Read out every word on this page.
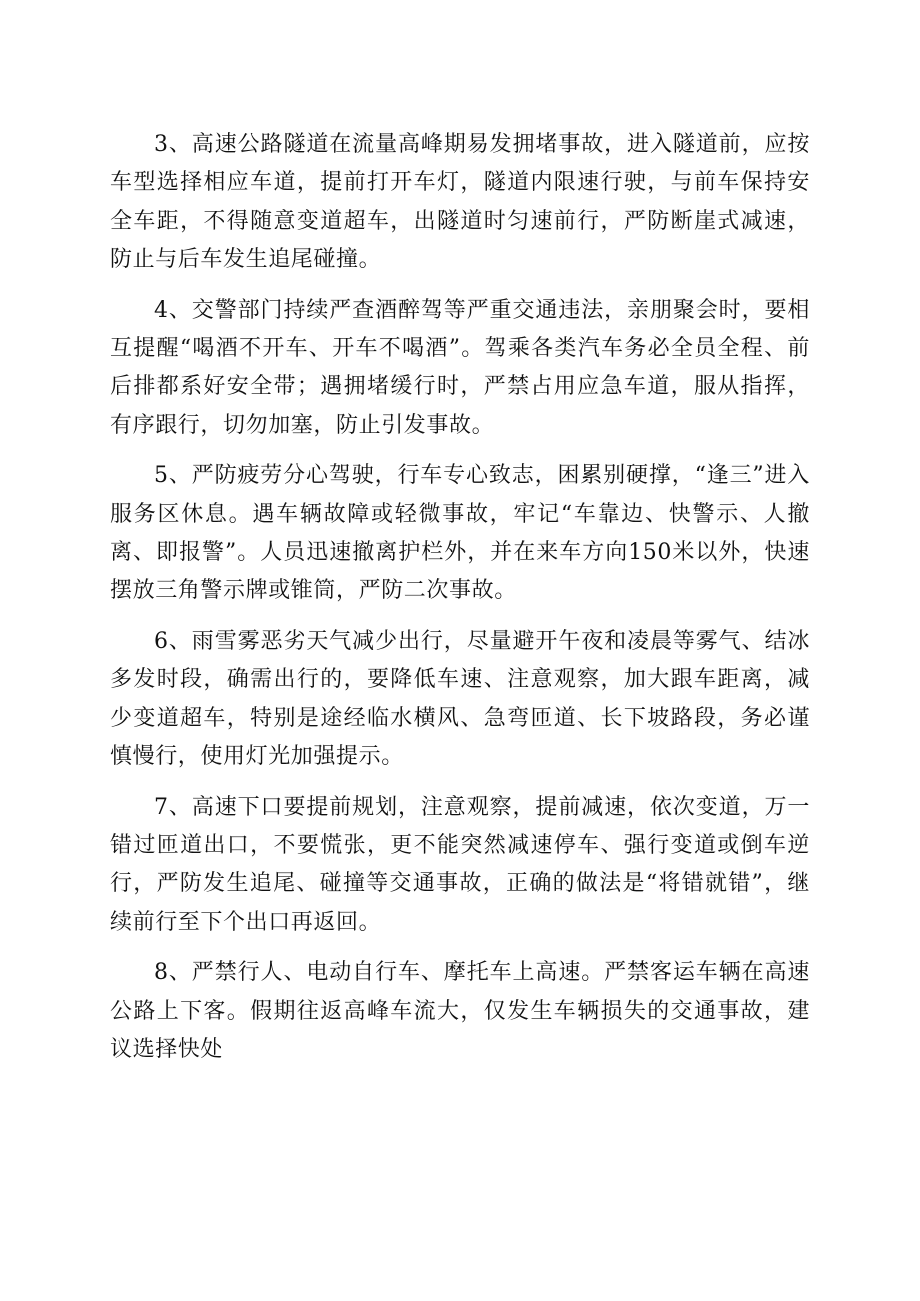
3、高速公路隧道在流量高峰期易发拥堵事故，进入隧道前，应按车型选择相应车道，提前打开车灯，隧道内限速行驶，与前车保持安全车距，不得随意变道超车，出隧道时匀速前行，严防断崖式减速，防止与后车发生追尾碰撞。

4、交警部门持续严查酒醉驾等严重交通违法，亲朋聚会时，要相互提醒“喝酒不开车、开车不喝酒”。驾乘各类汽车务必全员全程、前后排都系好安全带；遇拥堵缓行时，严禁占用应急车道，服从指挥，有序跟行，切勿加塞，防止引发事故。

5、严防疲劳分心驾驶，行车专心致志，困累别硬撑，“逢三”进入服务区休息。遇车辆故障或轻微事故，牢记“车靠边、快警示、人撤离、即报警”。人员迅速撤离护栏外，并在来车方向150米以外，快速摆放三角警示牌或锥筒，严防二次事故。

6、雨雪雾恶劣天气减少出行，尽量避开午夜和凌晨等雾气、结冰多发时段，确需出行的，要降低车速、注意观察，加大跟车距离，减少变道超车，特别是途经临水横风、急弯匝道、长下坡路段，务必谨慎慢行，使用灯光加强提示。

7、高速下口要提前规划，注意观察，提前减速，依次变道，万一错过匝道出口，不要慌张，更不能突然减速停车、强行变道或倒车逆行，严防发生追尾、碰撞等交通事故，正确的做法是“将错就错”，继续前行至下个出口再返回。

8、严禁行人、电动自行车、摩托车上高速。严禁客运车辆在高速公路上下客。假期往返高峰车流大，仅发生车辆损失的交通事故，建议选择快处
